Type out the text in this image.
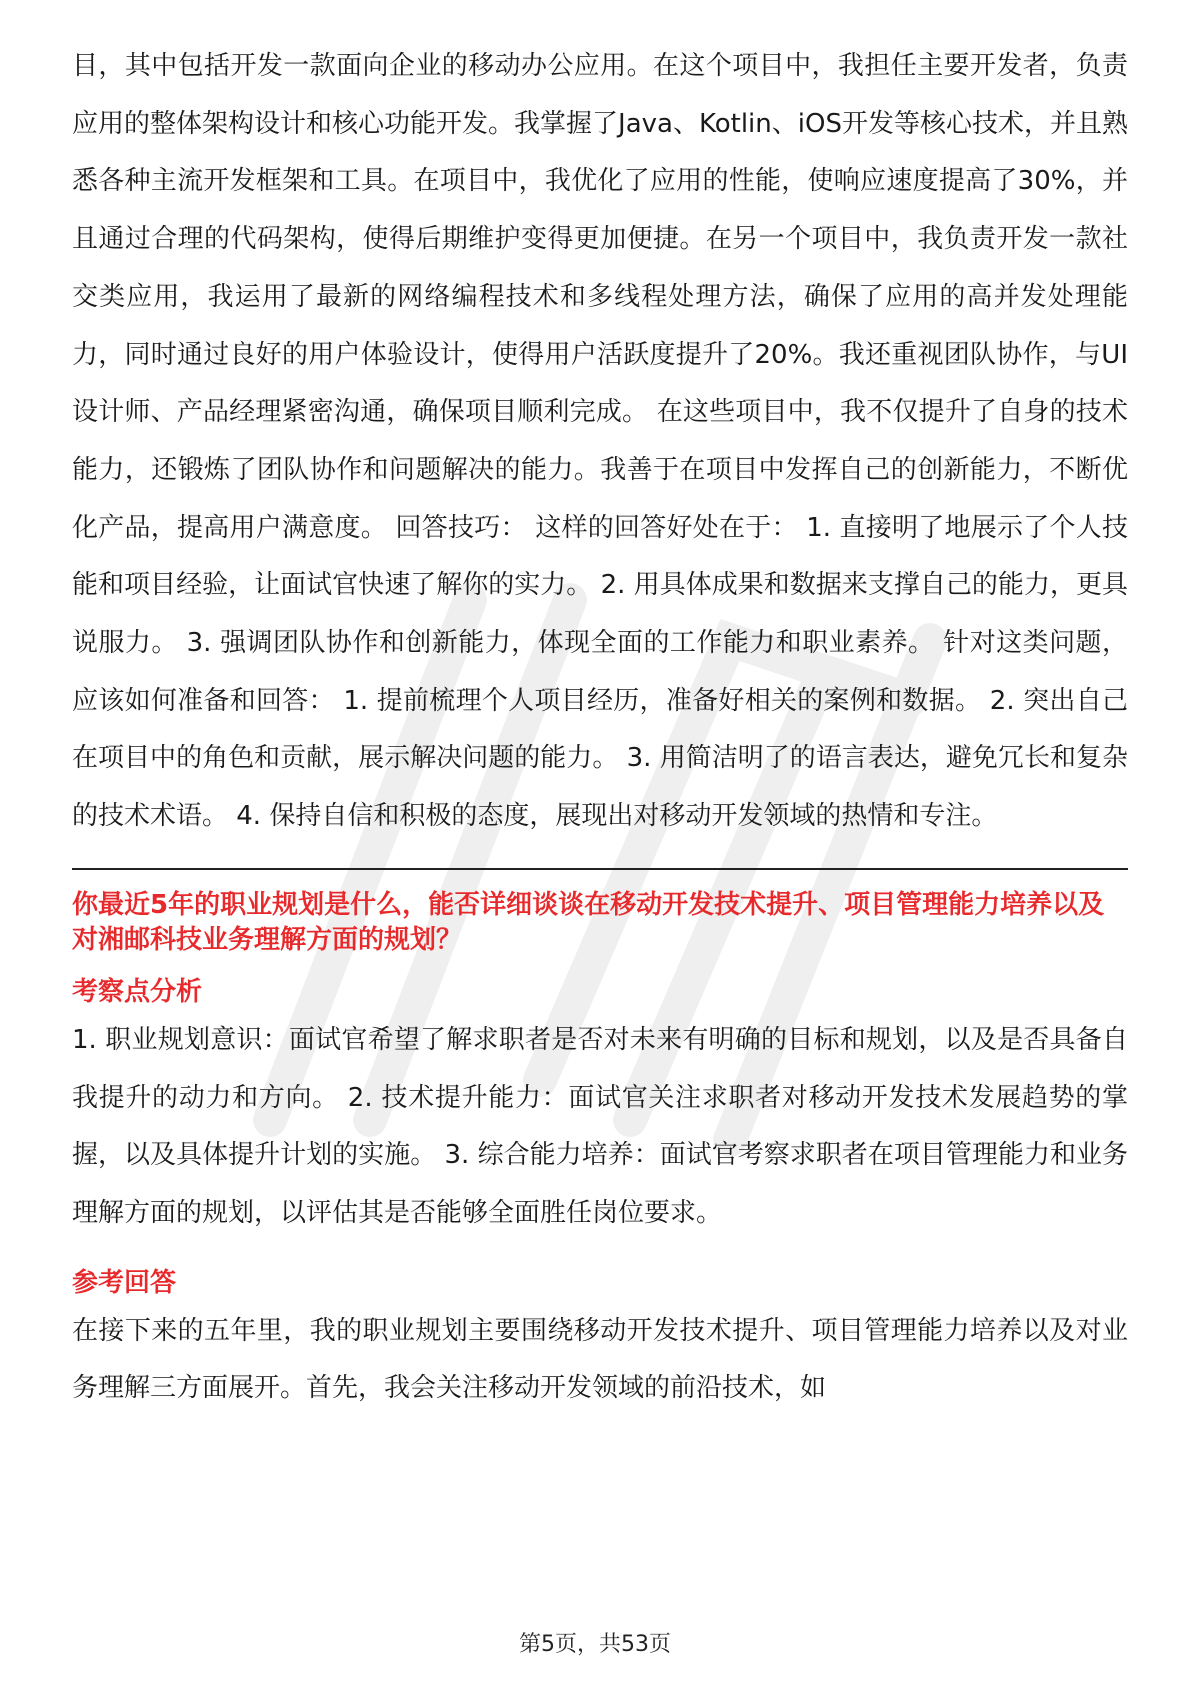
目，其中包括开发一款面向企业的移动办公应用。在这个项目中，我担任主要开发者，负责应用的整体架构设计和核心功能开发。我掌握了Java、Kotlin、iOS开发等核心技术，并且熟悉各种主流开发框架和工具。在项目中，我优化了应用的性能，使响应速度提高了30%，并且通过合理的代码架构，使得后期维护变得更加便捷。在另一个项目中，我负责开发一款社交类应用，我运用了最新的网络编程技术和多线程处理方法，确保了应用的高并发处理能力，同时通过良好的用户体验设计，使得用户活跃度提升了20%。我还重视团队协作，与UI设计师、产品经理紧密沟通，确保项目顺利完成。 在这些项目中，我不仅提升了自身的技术能力，还锻炼了团队协作和问题解决的能力。我善于在项目中发挥自己的创新能力，不断优化产品，提高用户满意度。 回答技巧： 这样的回答好处在于： 1. 直接明了地展示了个人技能和项目经验，让面试官快速了解你的实力。 2. 用具体成果和数据来支撑自己的能力，更具说服力。 3. 强调团队协作和创新能力，体现全面的工作能力和职业素养。 针对这类问题，应该如何准备和回答： 1. 提前梳理个人项目经历，准备好相关的案例和数据。 2. 突出自己在项目中的角色和贡献，展示解决问题的能力。 3. 用简洁明了的语言表达，避免冗长和复杂的技术术语。 4. 保持自信和积极的态度，展现出对移动开发领域的热情和专注。

你最近5年的职业规划是什么，能否详细谈谈在移动开发技术提升、项目管理能力培养以及对湘邮科技业务理解方面的规划？
考察点分析

1. 职业规划意识：面试官希望了解求职者是否对未来有明确的目标和规划，以及是否具备自我提升的动力和方向。 2. 技术提升能力：面试官关注求职者对移动开发技术发展趋势的掌握，以及具体提升计划的实施。 3. 综合能力培养：面试官考察求职者在项目管理能力和业务理解方面的规划，以评估其是否能够全面胜任岗位要求。

参考回答

在接下来的五年里，我的职业规划主要围绕移动开发技术提升、项目管理能力培养以及对业务理解三方面展开。首先，我会关注移动开发领域的前沿技术，如

第5页，共53页
